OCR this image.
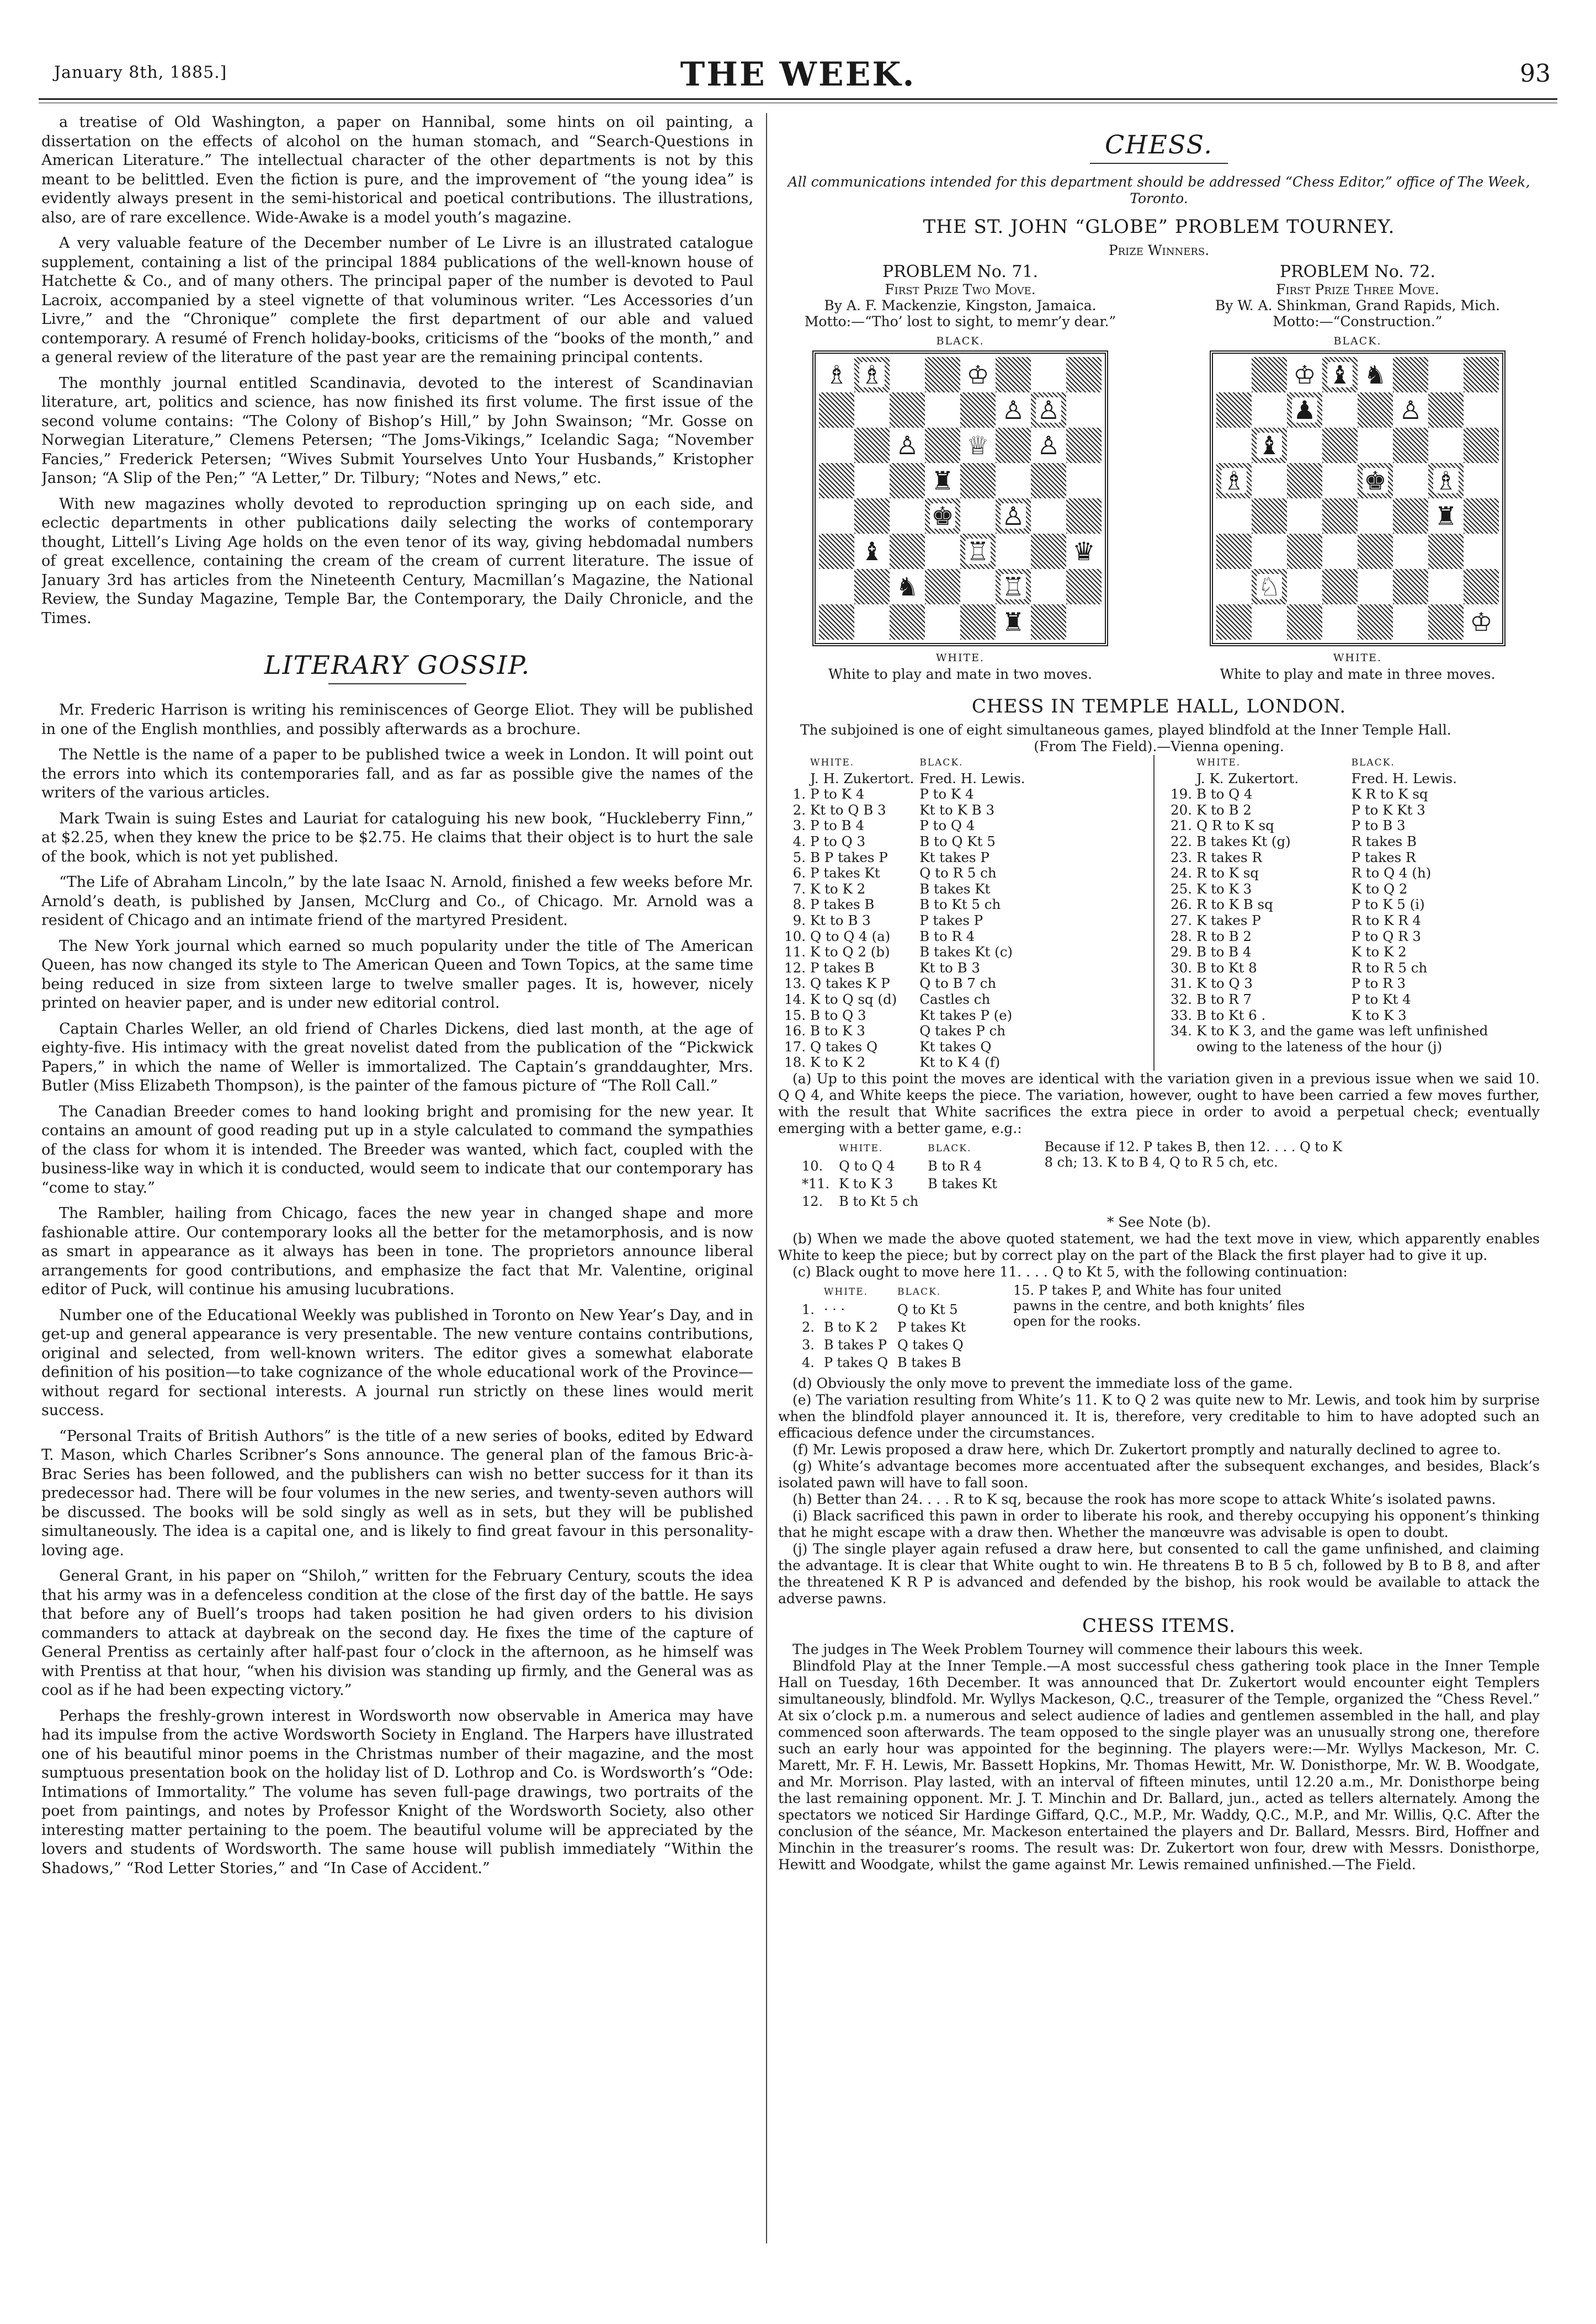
January 8th, 1885.]	THE WEEK.	93

a treatise of Old Washington, a paper on Hannibal, some hints on oil painting, a dissertation on the effects of alcohol on the human stomach, and “Search-Questions in American Literature.” The intellectual character of the other departments is not by this meant to be belittled. Even the fiction is pure, and the improvement of “the young idea” is evidently always present in the semi-historical and poetical contributions. The illustrations, also, are of rare excellence. Wide-Awake is a model youth’s magazine.

A very valuable feature of the December number of Le Livre is an illustrated catalogue supplement, containing a list of the principal 1884 publications of the well-known house of Hatchette & Co., and of many others. The principal paper of the number is devoted to Paul Lacroix, accompanied by a steel vignette of that voluminous writer. “Les Accessories d’un Livre,” and the “Chronique” complete the first department of our able and valued contemporary. A resumé of French holiday-books, criticisms of the “books of the month,” and a general review of the literature of the past year are the remaining principal contents.

The monthly journal entitled Scandinavia, devoted to the interest of Scandinavian literature, art, politics and science, has now finished its first volume. The first issue of the second volume contains: “The Colony of Bishop’s Hill,” by John Swainson; “Mr. Gosse on Norwegian Literature,” Clemens Petersen; “The Joms-Vikings,” Icelandic Saga; “November Fancies,” Frederick Petersen; “Wives Submit Yourselves Unto Your Husbands,” Kristopher Janson; “A Slip of the Pen;” “A Letter,” Dr. Tilbury; “Notes and News,” etc.

With new magazines wholly devoted to reproduction springing up on each side, and eclectic departments in other publications daily selecting the works of contemporary thought, Littell’s Living Age holds on the even tenor of its way, giving hebdomadal numbers of great excellence, containing the cream of the cream of current literature. The issue of January 3rd has articles from the Nineteenth Century, Macmillan’s Magazine, the National Review, the Sunday Magazine, Temple Bar, the Contemporary, the Daily Chronicle, and the Times.

LITERARY GOSSIP.

Mr. Frederic Harrison is writing his reminiscences of George Eliot. They will be published in one of the English monthlies, and possibly afterwards as a brochure.

The Nettle is the name of a paper to be published twice a week in London. It will point out the errors into which its contemporaries fall, and as far as possible give the names of the writers of the various articles.

Mark Twain is suing Estes and Lauriat for cataloguing his new book, “Huckleberry Finn,” at $2.25, when they knew the price to be $2.75. He claims that their object is to hurt the sale of the book, which is not yet published.

“The Life of Abraham Lincoln,” by the late Isaac N. Arnold, finished a few weeks before Mr. Arnold’s death, is published by Jansen, McClurg and Co., of Chicago. Mr. Arnold was a resident of Chicago and an intimate friend of the martyred President.

The New York journal which earned so much popularity under the title of The American Queen, has now changed its style to The American Queen and Town Topics, at the same time being reduced in size from sixteen large to twelve smaller pages. It is, however, nicely printed on heavier paper, and is under new editorial control.

Captain Charles Weller, an old friend of Charles Dickens, died last month, at the age of eighty-five. His intimacy with the great novelist dated from the publication of the “Pickwick Papers,” in which the name of Weller is immortalized. The Captain’s granddaughter, Mrs. Butler (Miss Elizabeth Thompson), is the painter of the famous picture of “The Roll Call.”

The Canadian Breeder comes to hand looking bright and promising for the new year. It contains an amount of good reading put up in a style calculated to command the sympathies of the class for whom it is intended. The Breeder was wanted, which fact, coupled with the business-like way in which it is conducted, would seem to indicate that our contemporary has “come to stay.”

The Rambler, hailing from Chicago, faces the new year in changed shape and more fashionable attire. Our contemporary looks all the better for the metamorphosis, and is now as smart in appearance as it always has been in tone. The proprietors announce liberal arrangements for good contributions, and emphasize the fact that Mr. Valentine, original editor of Puck, will continue his amusing lucubrations.

Number one of the Educational Weekly was published in Toronto on New Year’s Day, and in get-up and general appearance is very presentable. The new venture contains contributions, original and selected, from well-known writers. The editor gives a somewhat elaborate definition of his position—to take cognizance of the whole educational work of the Province—without regard for sectional interests. A journal run strictly on these lines would merit success.

“Personal Traits of British Authors” is the title of a new series of books, edited by Edward T. Mason, which Charles Scribner’s Sons announce. The general plan of the famous Bric-à-Brac Series has been followed, and the publishers can wish no better success for it than its predecessor had. There will be four volumes in the new series, and twenty-seven authors will be discussed. The books will be sold singly as well as in sets, but they will be published simultaneously. The idea is a capital one, and is likely to find great favour in this personality-loving age.

General Grant, in his paper on “Shiloh,” written for the February Century, scouts the idea that his army was in a defenceless condition at the close of the first day of the battle. He says that before any of Buell’s troops had taken position he had given orders to his division commanders to attack at daybreak on the second day. He fixes the time of the capture of General Prentiss as certainly after half-past four o’clock in the afternoon, as he himself was with Prentiss at that hour, “when his division was standing up firmly, and the General was as cool as if he had been expecting victory.”

Perhaps the freshly-grown interest in Wordsworth now observable in America may have had its impulse from the active Wordsworth Society in England. The Harpers have illustrated one of his beautiful minor poems in the Christmas number of their magazine, and the most sumptuous presentation book on the holiday list of D. Lothrop and Co. is Wordsworth’s “Ode: Intimations of Immortality.” The volume has seven full-page drawings, two portraits of the poet from paintings, and notes by Professor Knight of the Wordsworth Society, also other interesting matter pertaining to the poem. The beautiful volume will be appreciated by the lovers and students of Wordsworth. The same house will publish immediately “Within the Shadows,” “Rod Letter Stories,” and “In Case of Accident.”

CHESS.
All communications intended for this department should be addressed “Chess Editor,” office of The Week, Toronto.
THE ST. JOHN “GLOBE” PROBLEM TOURNEY.
Prize Winners.
PROBLEM No. 71.
First Prize Two Move.
By A. F. Mackenzie, Kingston, Jamaica.
Motto:—“Tho’ lost to sight, to memr’y dear.”
BLACK.
♗ ♗	♔
♙ ♙
♙ ♕ ♙
♜
♚ ♙
♝	♖	♛
♞	♖
♜
WHITE.
White to play and mate in two moves.
PROBLEM No. 72.
First Prize Three Move.
By W. A. Shinkman, Grand Rapids, Mich.
Motto:—“Construction.”
BLACK.
♔ ♝ ♞
♟	♙
♝
♗	♚ ♗
♜
♘
♔
WHITE.
White to play and mate in three moves.
CHESS IN TEMPLE HALL, LONDON.
The subjoined is one of eight simultaneous games, played blindfold at the Inner Temple Hall.
(From The Field).—Vienna opening.
	WHITE.	BLACK.
	J. H. Zukertort.	Fred. H. Lewis.
1.	P to K 4	P to K 4
2.	Kt to Q B 3	Kt to K B 3
3.	P to B 4	P to Q 4
4.	P to Q 3	B to Q Kt 5
5.	B P takes P	Kt takes P
6.	P takes Kt	Q to R 5 ch
7.	K to K 2	B takes Kt
8.	P takes B	B to Kt 5 ch
9.	Kt to B 3	P takes P
10.	Q to Q 4 (a)	B to R 4
11.	K to Q 2 (b)	B takes Kt (c)
12.	P takes B	Kt to B 3
13.	Q takes K P	Q to B 7 ch
14.	K to Q sq (d)	Castles ch
15.	B to Q 3	Kt takes P (e)
16.	B to K 3	Q takes P ch
17.	Q takes Q	Kt takes Q
18.	K to K 2	Kt to K 4 (f)
	WHITE.	BLACK.
	J. K. Zukertort.	Fred. H. Lewis.
19.	B to Q 4	K R to K sq
20.	K to B 2	P to K Kt 3
21.	Q R to K sq	P to B 3
22.	B takes Kt (g)	R takes B
23.	R takes R	P takes R
24.	R to K sq	R to Q 4 (h)
25.	K to K 3	K to Q 2
26.	R to K B sq	P to K 5 (i)
27.	K takes P	R to K R 4
28.	R to B 2	P to Q R 3
29.	B to B 4	K to K 2
30.	B to Kt 8	R to R 5 ch
31.	K to Q 3	P to R 3
32.	B to R 7	P to Kt 4
33.	B to Kt 6 .	K to K 3
34.	K to K 3, and the game was left unfinished owing to the lateness of the hour (j)	

(a) Up to this point the moves are identical with the variation given in a previous issue when we said 10. Q Q 4, and White keeps the piece. The variation, however, ought to have been carried a few moves further, with the result that White sacrifices the extra piece in order to avoid a perpetual check; eventually emerging with a better game, e.g.:

	WHITE.	BLACK.
10.	Q to Q 4	B to R 4
*11.	K to K 3	B takes Kt
12.	B to Kt 5 ch	
Because if 12. P takes B, then 12. . . . Q to K 8 ch; 13. K to B 4, Q to R 5 ch, etc.
* See Note (b).

(b) When we made the above quoted statement, we had the text move in view, which apparently enables White to keep the piece; but by correct play on the part of the Black the first player had to give it up.

(c) Black ought to move here 11. . . . Q to Kt 5, with the following continuation:

	WHITE.	BLACK.
1.	· · ·	Q to Kt 5
2.	B to K 2	P takes Kt
3.	B takes P	Q takes Q
4.	P takes Q	B takes B
15. P takes P, and White has four united pawns in the centre, and both knights’ files open for the rooks.

(d) Obviously the only move to prevent the immediate loss of the game.

(e) The variation resulting from White’s 11. K to Q 2 was quite new to Mr. Lewis, and took him by surprise when the blindfold player announced it. It is, therefore, very creditable to him to have adopted such an efficacious defence under the circumstances.

(f) Mr. Lewis proposed a draw here, which Dr. Zukertort promptly and naturally declined to agree to.

(g) White’s advantage becomes more accentuated after the subsequent exchanges, and besides, Black’s isolated pawn will have to fall soon.

(h) Better than 24. . . . R to K sq, because the rook has more scope to attack White’s isolated pawns.

(i) Black sacrificed this pawn in order to liberate his rook, and thereby occupying his opponent’s thinking that he might escape with a draw then. Whether the manœuvre was advisable is open to doubt.

(j) The single player again refused a draw here, but consented to call the game unfinished, and claiming the advantage. It is clear that White ought to win. He threatens B to B 5 ch, followed by B to B 8, and after the threatened K R P is advanced and defended by the bishop, his rook would be available to attack the adverse pawns.

CHESS ITEMS.

The judges in The Week Problem Tourney will commence their labours this week.

Blindfold Play at the Inner Temple.—A most successful chess gathering took place in the Inner Temple Hall on Tuesday, 16th December. It was announced that Dr. Zukertort would encounter eight Templers simultaneously, blindfold. Mr. Wyllys Mackeson, Q.C., treasurer of the Temple, organized the “Chess Revel.” At six o’clock p.m. a numerous and select audience of ladies and gentlemen assembled in the hall, and play commenced soon afterwards. The team opposed to the single player was an unusually strong one, therefore such an early hour was appointed for the beginning. The players were:—Mr. Wyllys Mackeson, Mr. C. Marett, Mr. F. H. Lewis, Mr. Bassett Hopkins, Mr. Thomas Hewitt, Mr. W. Donisthorpe, Mr. W. B. Woodgate, and Mr. Morrison. Play lasted, with an interval of fifteen minutes, until 12.20 a.m., Mr. Donisthorpe being the last remaining opponent. Mr. J. T. Minchin and Dr. Ballard, jun., acted as tellers alternately. Among the spectators we noticed Sir Hardinge Giffard, Q.C., M.P., Mr. Waddy, Q.C., M.P., and Mr. Willis, Q.C. After the conclusion of the séance, Mr. Mackeson entertained the players and Dr. Ballard, Messrs. Bird, Hoffner and Minchin in the treasurer’s rooms. The result was: Dr. Zukertort won four, drew with Messrs. Donisthorpe, Hewitt and Woodgate, whilst the game against Mr. Lewis remained unfinished.—The Field.
